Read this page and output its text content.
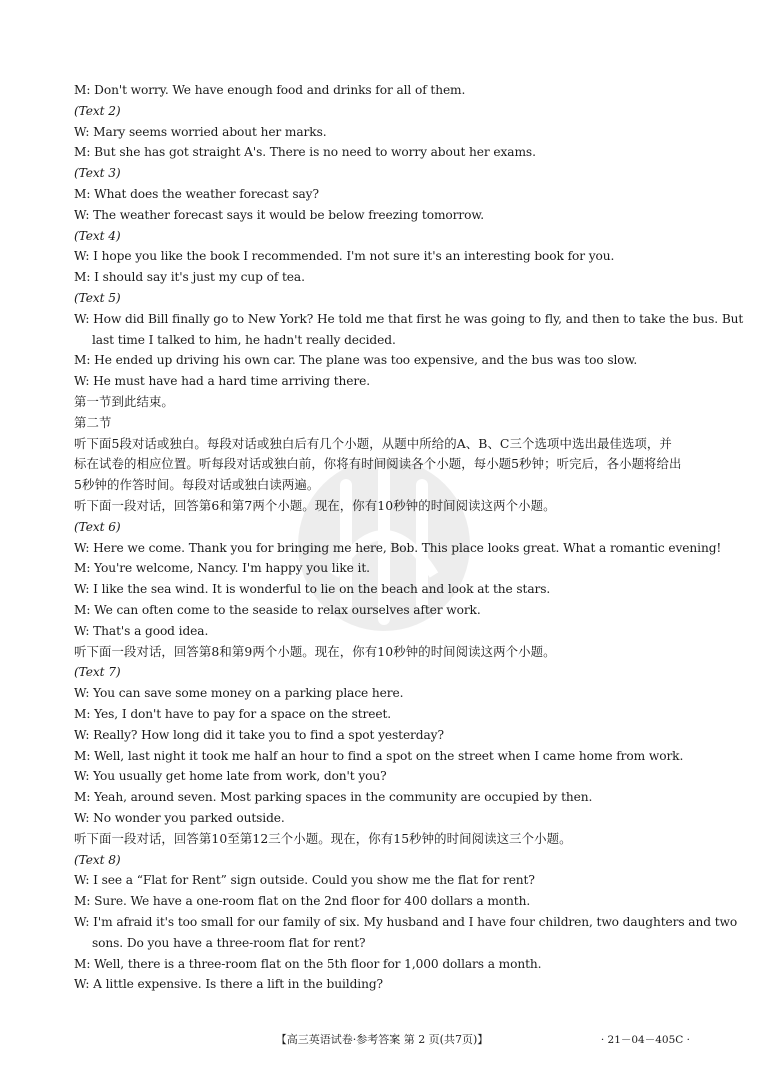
M: Don't worry. We have enough food and drinks for all of them.
(Text 2)
W: Mary seems worried about her marks.
M: But she has got straight A's. There is no need to worry about her exams.
(Text 3)
M: What does the weather forecast say?
W: The weather forecast says it would be below freezing tomorrow.
(Text 4)
W: I hope you like the book I recommended. I'm not sure it's an interesting book for you.
M: I should say it's just my cup of tea.
(Text 5)
W: How did Bill finally go to New York? He told me that first he was going to fly, and then to take the bus. But
last time I talked to him, he hadn't really decided.
M: He ended up driving his own car. The plane was too expensive, and the bus was too slow.
W: He must have had a hard time arriving there.
第一节到此结束。
第二节
听下面5段对话或独白。每段对话或独白后有几个小题，从题中所给的A、B、C三个选项中选出最佳选项，并
标在试卷的相应位置。听每段对话或独白前，你将有时间阅读各个小题，每小题5秒钟；听完后，各小题将给出
5秒钟的作答时间。每段对话或独白读两遍。
听下面一段对话，回答第6和第7两个小题。现在，你有10秒钟的时间阅读这两个小题。
(Text 6)
W: Here we come. Thank you for bringing me here, Bob. This place looks great. What a romantic evening!
M: You're welcome, Nancy. I'm happy you like it.
W: I like the sea wind. It is wonderful to lie on the beach and look at the stars.
M: We can often come to the seaside to relax ourselves after work.
W: That's a good idea.
听下面一段对话，回答第8和第9两个小题。现在，你有10秒钟的时间阅读这两个小题。
(Text 7)
W: You can save some money on a parking place here.
M: Yes, I don't have to pay for a space on the street.
W: Really? How long did it take you to find a spot yesterday?
M: Well, last night it took me half an hour to find a spot on the street when I came home from work.
W: You usually get home late from work, don't you?
M: Yeah, around seven. Most parking spaces in the community are occupied by then.
W: No wonder you parked outside.
听下面一段对话，回答第10至第12三个小题。现在，你有15秒钟的时间阅读这三个小题。
(Text 8)
W: I see a “Flat for Rent” sign outside. Could you show me the flat for rent?
M: Sure. We have a one-room flat on the 2nd floor for 400 dollars a month.
W: I'm afraid it's too small for our family of six. My husband and I have four children, two daughters and two
sons. Do you have a three-room flat for rent?
M: Well, there is a three-room flat on the 5th floor for 1,000 dollars a month.
W: A little expensive. Is there a lift in the building?
【高三英语试卷·参考答案 第 2 页(共7页)】	· 21－04－405C ·
